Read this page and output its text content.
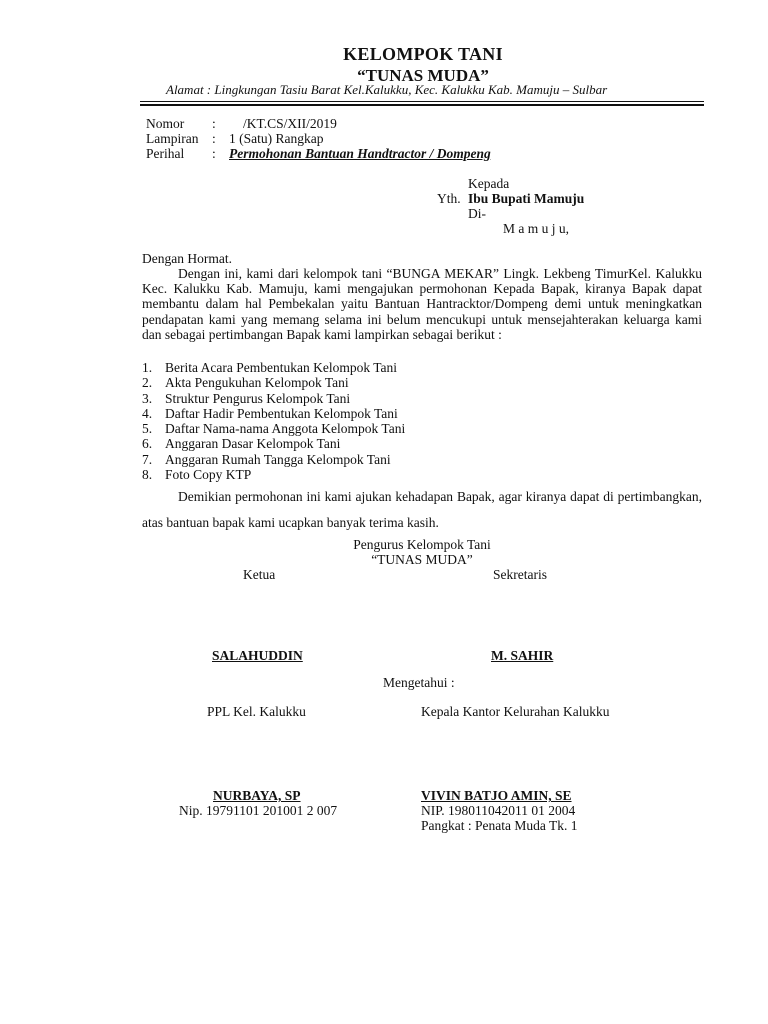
KELOMPOK TANI
“TUNAS MUDA”
Alamat : Lingkungan Tasiu Barat Kel.Kalukku, Kec. Kalukku Kab. Mamuju – Sulbar
Nomor : /KT.CS/XII/2019
Lampiran : 1 (Satu) Rangkap
Perihal : Permohonan Bantuan Handtractor / Dompeng
Kepada
Yth. Ibu Bupati Mamuju
Di-
M a m u j u,
Dengan Hormat.
Dengan ini, kami dari kelompok tani “BUNGA MEKAR” Lingk. Lekbeng TimurKel. Kalukku Kec. Kalukku Kab. Mamuju, kami mengajukan permohonan Kepada Bapak, kiranya Bapak dapat membantu dalam hal Pembekalan yaitu Bantuan Hantracktor/Dompeng demi untuk meningkatkan pendapatan kami yang memang selama ini belum mencukupi untuk mensejahterakan keluarga kami dan sebagai pertimbangan Bapak kami lampirkan sebagai berikut :
1. Berita Acara Pembentukan Kelompok Tani
2. Akta Pengukuhan Kelompok Tani
3. Struktur Pengurus Kelompok Tani
4. Daftar Hadir Pembentukan Kelompok Tani
5. Daftar Nama-nama Anggota Kelompok Tani
6. Anggaran Dasar Kelompok Tani
7. Anggaran Rumah Tangga Kelompok Tani
8. Foto Copy KTP
Demikian permohonan ini kami ajukan kehadapan Bapak, agar kiranya dapat di pertimbangkan, atas bantuan bapak kami ucapkan banyak terima kasih.
Pengurus Kelompok Tani
“TUNAS MUDA”
Ketua	Sekretaris
SALAHUDDIN	M. SAHIR
Mengetahui :
PPL Kel. Kalukku	Kepala Kantor Kelurahan Kalukku
NURBAYA, SP
Nip. 19791101 201001 2 007
VIVIN BATJO AMIN, SE
NIP. 198011042011 01 2004
Pangkat : Penata Muda Tk. 1
